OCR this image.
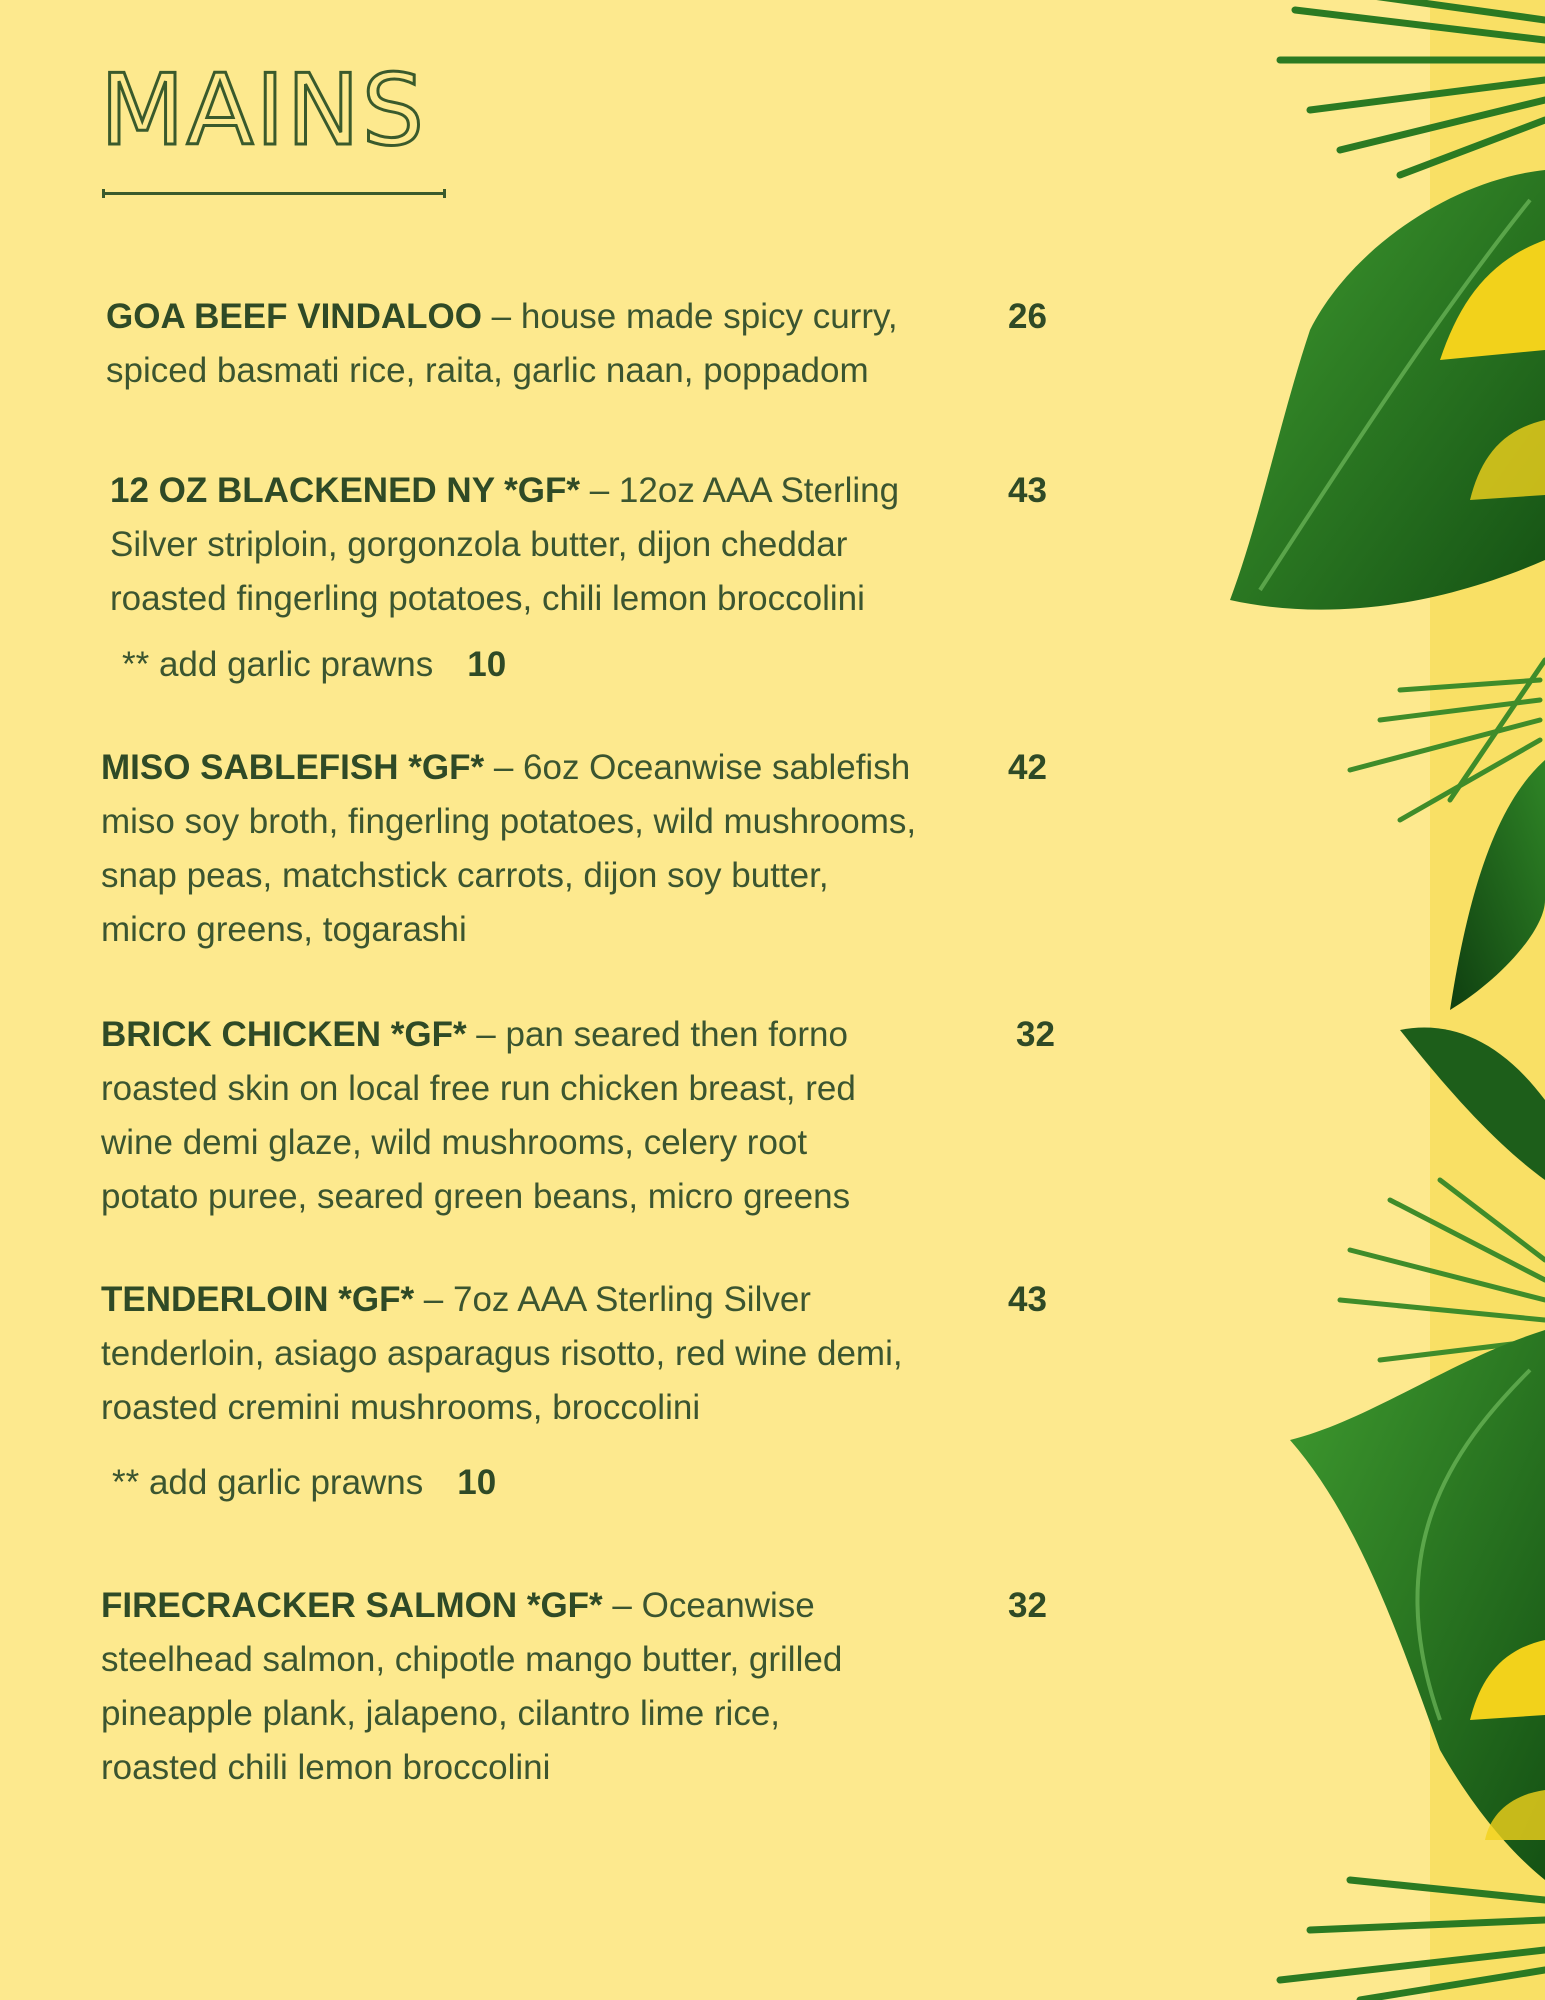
MAINS
GOA BEEF VINDALOO – house made spicy curry,
spiced basmati rice, raita, garlic naan, poppadom
26
12 OZ BLACKENED NY *GF* – 12oz AAA Sterling
Silver striploin, gorgonzola butter, dijon cheddar
roasted fingerling potatoes, chili lemon broccolini
43
** add garlic prawns 10
MISO SABLEFISH *GF* – 6oz Oceanwise sablefish
miso soy broth, fingerling potatoes, wild mushrooms,
snap peas, matchstick carrots, dijon soy butter,
micro greens, togarashi
42
BRICK CHICKEN *GF* – pan seared then forno
roasted skin on local free run chicken breast, red
wine demi glaze, wild mushrooms, celery root
potato puree, seared green beans, micro greens
32
TENDERLOIN *GF* – 7oz AAA Sterling Silver
tenderloin, asiago asparagus risotto, red wine demi,
roasted cremini mushrooms, broccolini
43
** add garlic prawns 10
FIRECRACKER SALMON *GF* – Oceanwise
steelhead salmon, chipotle mango butter, grilled
pineapple plank, jalapeno, cilantro lime rice,
roasted chili lemon broccolini
32
